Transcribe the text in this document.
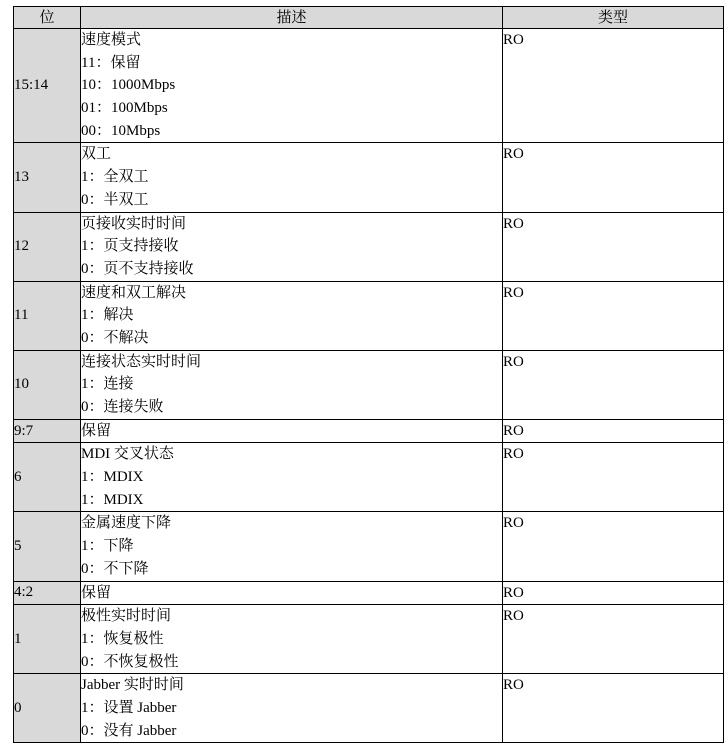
位	描述	类型
15:14	速度模式
11：保留
10：1000Mbps
01：100Mbps
00：10Mbps	RO

13	双工
1：全双工
0：半双工	RO

12	页接收实时时间
1：页支持接收
0：页不支持接收	RO

11	速度和双工解决
1：解决
0：不解决	RO

10	连接状态实时时间
1：连接
0：连接失败	RO

9:7	保留	RO

6	MDI 交叉状态
1：MDIX
1：MDIX	RO

5	金属速度下降
1：下降
0：不下降	RO

4:2	保留	RO

1	极性实时时间
1：恢复极性
0：不恢复极性	RO

0	Jabber 实时时间
1：设置 Jabber
0：没有 Jabber	RO
